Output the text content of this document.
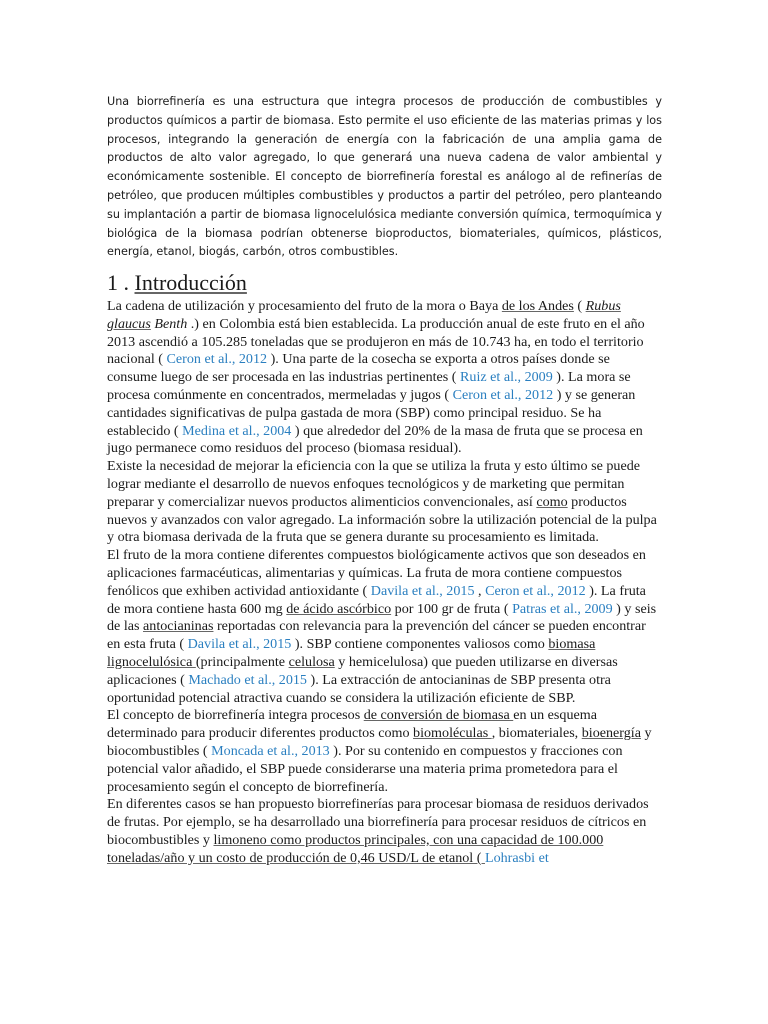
Una biorrefinería es una estructura que integra procesos de producción de combustibles y productos químicos a partir de biomasa. Esto permite el uso eficiente de las materias primas y los procesos, integrando la generación de energía con la fabricación de una amplia gama de productos de alto valor agregado, lo que generará una nueva cadena de valor ambiental y económicamente sostenible. El concepto de biorrefinería forestal es análogo al de refinerías de petróleo, que producen múltiples combustibles y productos a partir del petróleo, pero planteando su implantación a partir de biomasa lignocelulósica mediante conversión química, termoquímica y biológica de la biomasa podrían obtenerse bioproductos, biomateriales, químicos, plásticos, energía, etanol, biogás, carbón, otros combustibles.

1 . Introducción

La cadena de utilización y procesamiento del fruto de la mora o Baya de los Andes ( Rubus glaucus Benth .) en Colombia está bien establecida. La producción anual de este fruto en el año 2013 ascendió a 105.285 toneladas que se produjeron en más de 10.743 ha, en todo el territorio nacional ( Ceron et al., 2012 ). Una parte de la cosecha se exporta a otros países donde se consume luego de ser procesada en las industrias pertinentes ( Ruiz et al., 2009 ). La mora se procesa comúnmente en concentrados, mermeladas y jugos ( Ceron et al., 2012 ) y se generan cantidades significativas de pulpa gastada de mora (SBP) como principal residuo. Se ha establecido ( Medina et al., 2004 ) que alrededor del 20% de la masa de fruta que se procesa en jugo permanece como residuos del proceso (biomasa residual).

Existe la necesidad de mejorar la eficiencia con la que se utiliza la fruta y esto último se puede lograr mediante el desarrollo de nuevos enfoques tecnológicos y de marketing que permitan preparar y comercializar nuevos productos alimenticios convencionales, así como productos nuevos y avanzados con valor agregado. La información sobre la utilización potencial de la pulpa y otra biomasa derivada de la fruta que se genera durante su procesamiento es limitada.

El fruto de la mora contiene diferentes compuestos biológicamente activos que son deseados en aplicaciones farmacéuticas, alimentarias y químicas. La fruta de mora contiene compuestos fenólicos que exhiben actividad antioxidante ( Davila et al., 2015 , Ceron et al., 2012 ). La fruta de mora contiene hasta 600 mg de ácido ascórbico por 100 gr de fruta ( Patras et al., 2009 ) y seis de las antocianinas reportadas con relevancia para la prevención del cáncer se pueden encontrar en esta fruta ( Davila et al., 2015 ). SBP contiene componentes valiosos como biomasa lignocelulósica (principalmente celulosa y hemicelulosa) que pueden utilizarse en diversas aplicaciones ( Machado et al., 2015 ). La extracción de antocianinas de SBP presenta otra oportunidad potencial atractiva cuando se considera la utilización eficiente de SBP.

El concepto de biorrefinería integra procesos de conversión de biomasa en un esquema determinado para producir diferentes productos como biomoléculas , biomateriales, bioenergía y biocombustibles ( Moncada et al., 2013 ). Por su contenido en compuestos y fracciones con potencial valor añadido, el SBP puede considerarse una materia prima prometedora para el procesamiento según el concepto de biorrefinería.

En diferentes casos se han propuesto biorrefinerías para procesar biomasa de residuos derivados de frutas. Por ejemplo, se ha desarrollado una biorrefinería para procesar residuos de cítricos en biocombustibles y limoneno como productos principales, con una capacidad de 100.000 toneladas/año y un costo de producción de 0,46 USD/L de etanol ( Lohrasbi et
